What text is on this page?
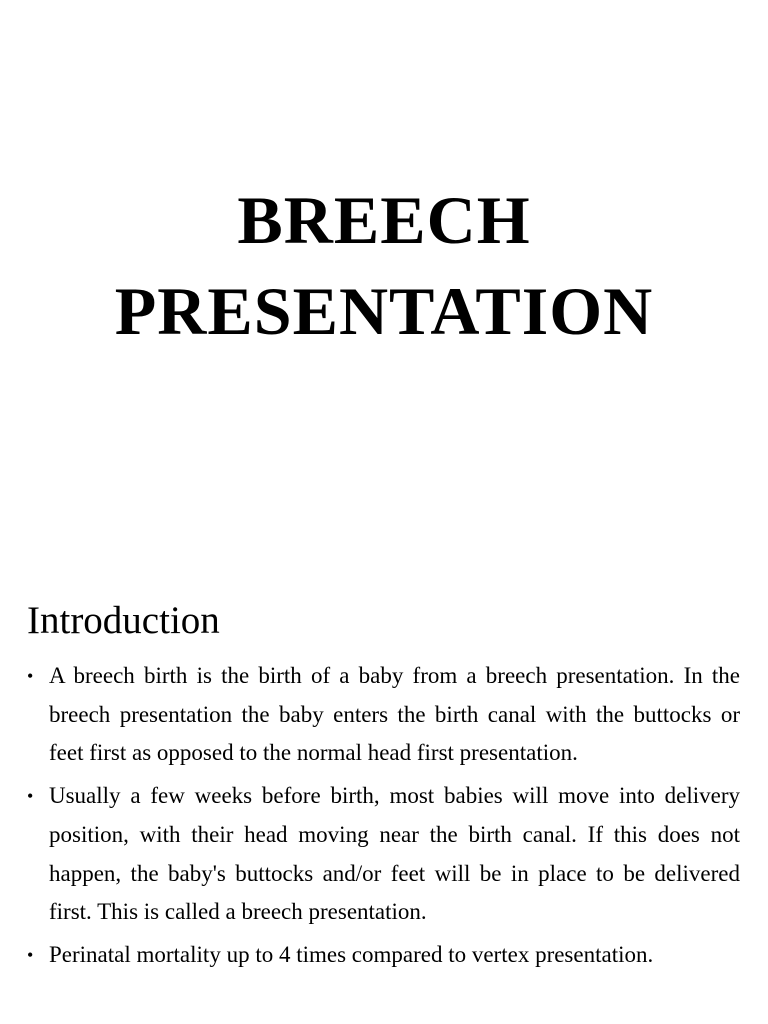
BREECH
PRESENTATION
Introduction
• A breech birth is the birth of a baby from a breech presentation. In the breech presentation the baby enters the birth canal with the buttocks or feet first as opposed to the normal head first presentation.
• Usually a few weeks before birth, most babies will move into delivery position, with their head moving near the birth canal. If this does not happen, the baby's buttocks and/or feet will be in place to be delivered first. This is called a breech presentation.
• Perinatal mortality up to 4 times compared to vertex presentation.
